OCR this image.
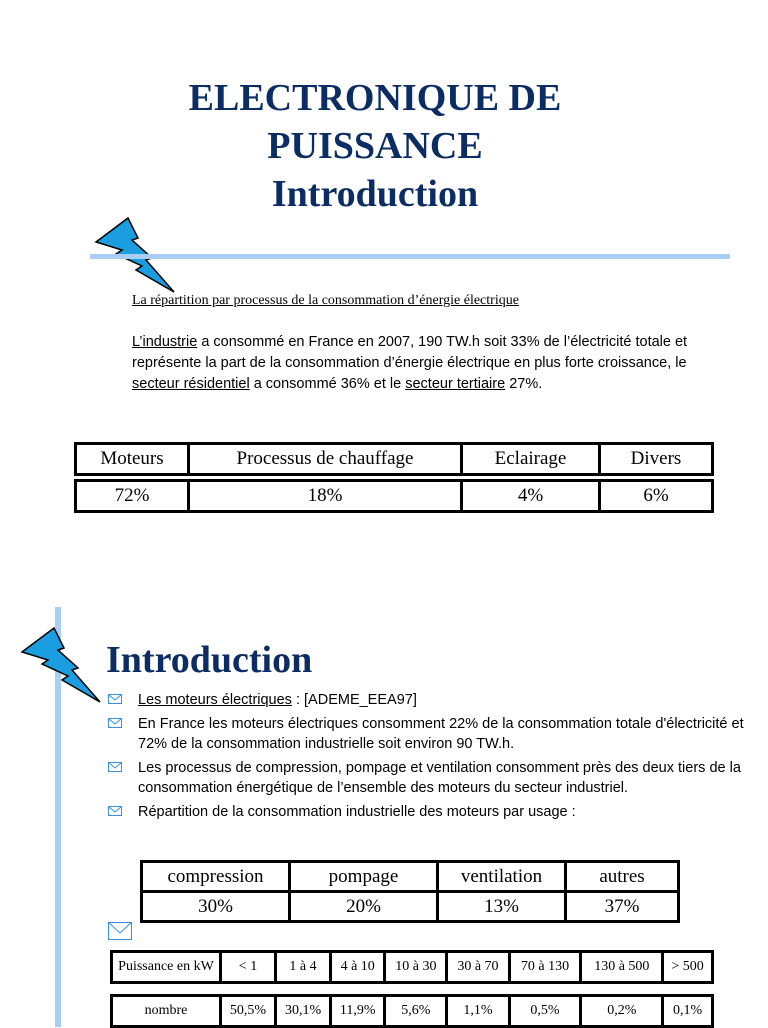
ELECTRONIQUE DE
PUISSANCE
Introduction
La répartition par processus de la consommation d’énergie électrique
L’industrie a consommé en France en 2007, 190 TW.h soit 33% de l’électricité totale et représente la part de la consommation d’énergie électrique en plus forte croissance, le secteur résidentiel a consommé 36% et le secteur tertiaire 27%.
Moteurs	Processus de chauffage	Eclairage	Divers

72%	18%	4%	6%
Introduction
Les moteurs électriques : [ADEME_EEA97]
En France les moteurs électriques consomment 22% de la consommation totale d'électricité et 72% de la consommation industrielle soit environ 90 TW.h.
Les processus de compression, pompage et ventilation consomment près des deux tiers de la consommation énergétique de l’ensemble des moteurs du secteur industriel.
Répartition de la consommation industrielle des moteurs par usage :
compression	pompage	ventilation	autres
30%	20%	13%	37%
Puissance en kW	< 1	1 à 4	4 à 10	10 à 30	30 à 70	70 à 130	130 à 500	> 500

nombre	50,5%	30,1%	11,9%	5,6%	1,1%	0,5%	0,2%	0,1%
